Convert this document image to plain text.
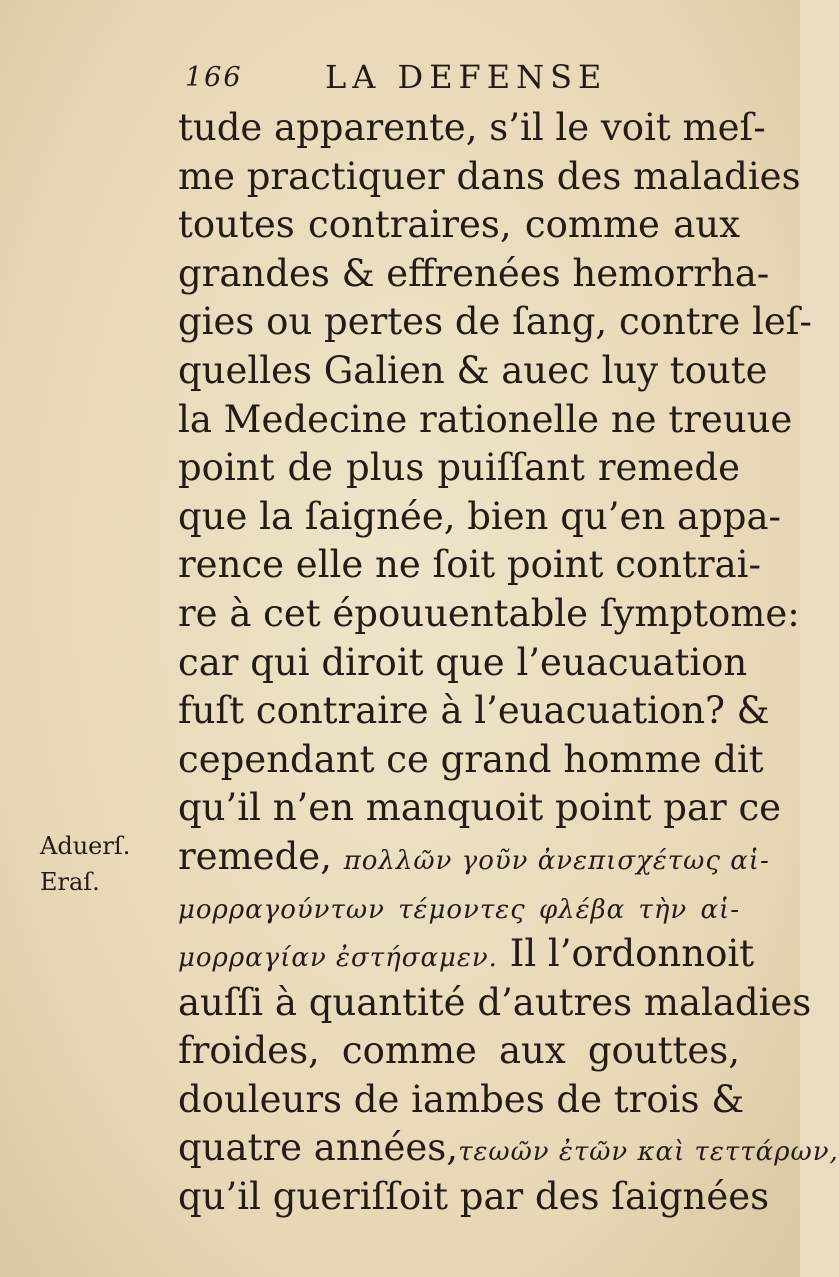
166	LA DEFENSE
Aduerſ.
Eraſ.
tude apparente, s’il le voit meſ-
me practiquer dans des maladies
toutes contraires, comme aux
grandes & effrenées hemorrha-
gies ou pertes de ſang, contre leſ-
quelles Galien & auec luy toute
la Medecine rationelle ne treuue
point de plus puiſſant remede
que la ſaignée, bien qu’en appa-
rence elle ne ſoit point contrai-
re à cet épouuentable ſymptome:
car qui diroit que l’euacuation
fuſt contraire à l’euacuation? &
cependant ce grand homme dit
qu’il n’en manquoit point par ce
remede, πολλῶν γοῦν ἀνεπισχέτως αἱ-
μορραγούντων τέμοντες φλέβα τὴν αἱ-
μορραγίαν ἐστήσαμεν. Il l’ordonnoit
auſſi à quantité d’autres maladies
froides, comme aux gouttes,
douleurs de iambes de trois &
quatre années,τεωῶν ἐτῶν καὶ τεττάρων,
qu’il gueriſſoit par des ſaignées
